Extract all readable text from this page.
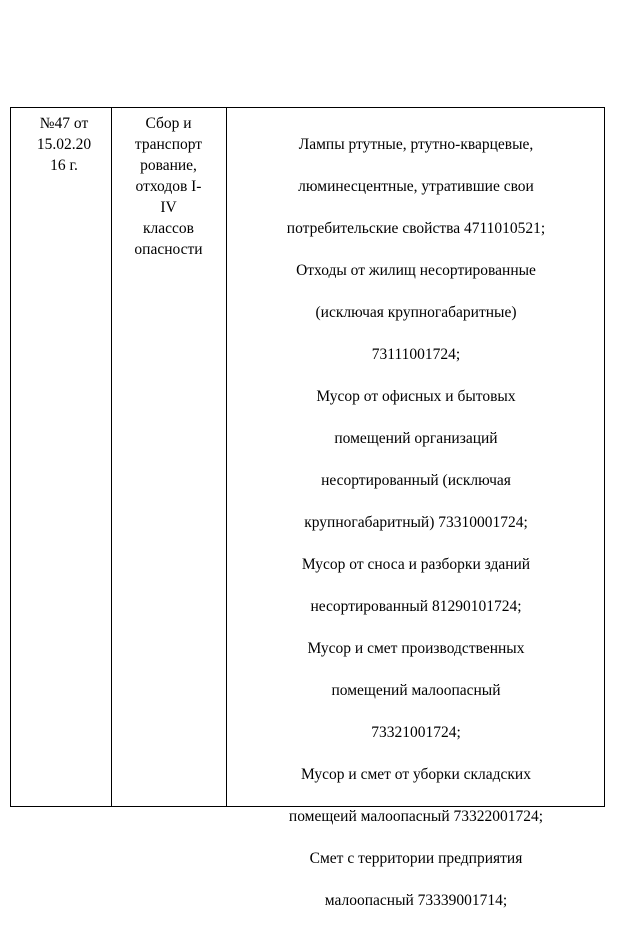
№47 от
15.02.20
16 г.
Сбор и
транспорт
рование,
отходов I-
IV
классов
опасности

Лампы ртутные, ртутно-кварцевые,

люминесцентные, утратившие свои

потребительские свойства 4711010521;

Отходы от жилищ несортированные

(исключая крупногабаритные)

73111001724;

Мусор от офисных и бытовых

помещений организаций

несортированный (исключая

крупногабаритный) 73310001724;

Мусор от сноса и разборки зданий

несортированный 81290101724;

Мусор и смет производственных

помещений малоопасный

73321001724;

Мусор и смет от уборки складских

помещеий малоопасный 73322001724;

Смет с территории предприятия

малоопасный 73339001714;
